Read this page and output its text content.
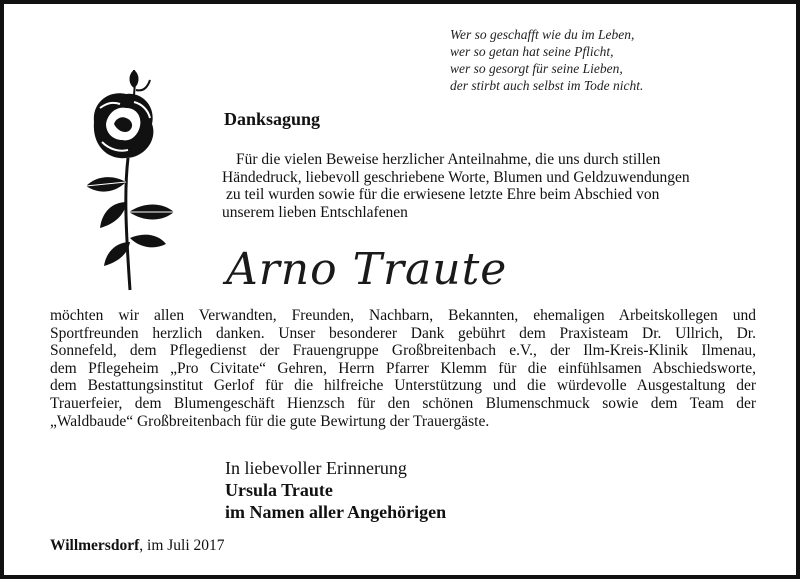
Wer so geschafft wie du im Leben,
wer so getan hat seine Pflicht,
wer so gesorgt für seine Lieben,
der stirbt auch selbst im Tode nicht.
Danksagung
Für die vielen Beweise herzlicher Anteilnahme, die uns durch stillen
Händedruck, liebevoll geschriebene Worte, Blumen und Geldzuwendungen
zu teil wurden sowie für die erwiesene letzte Ehre beim Abschied von
unserem lieben Entschlafenen
Arno Traute
möchten wir allen Verwandten, Freunden, Nachbarn, Bekannten, ehemaligen Arbeitskollegen und
Sportfreunden herzlich danken. Unser besonderer Dank gebührt dem Praxisteam Dr. Ullrich, Dr.
Sonnefeld, dem Pflegedienst der Frauengruppe Großbreitenbach e.V., der Ilm-Kreis-Klinik Ilmenau,
dem Pflegeheim „Pro Civitate“ Gehren, Herrn Pfarrer Klemm für die einfühlsamen Abschiedsworte,
dem Bestattungsinstitut Gerlof für die hilfreiche Unterstützung und die würdevolle Ausgestaltung der
Trauerfeier, dem Blumengeschäft Hienzsch für den schönen Blumenschmuck sowie dem Team der
„Waldbaude“ Großbreitenbach für die gute Bewirtung der Trauergäste.
In liebevoller Erinnerung
Ursula Traute
im Namen aller Angehörigen
Willmersdorf, im Juli 2017
